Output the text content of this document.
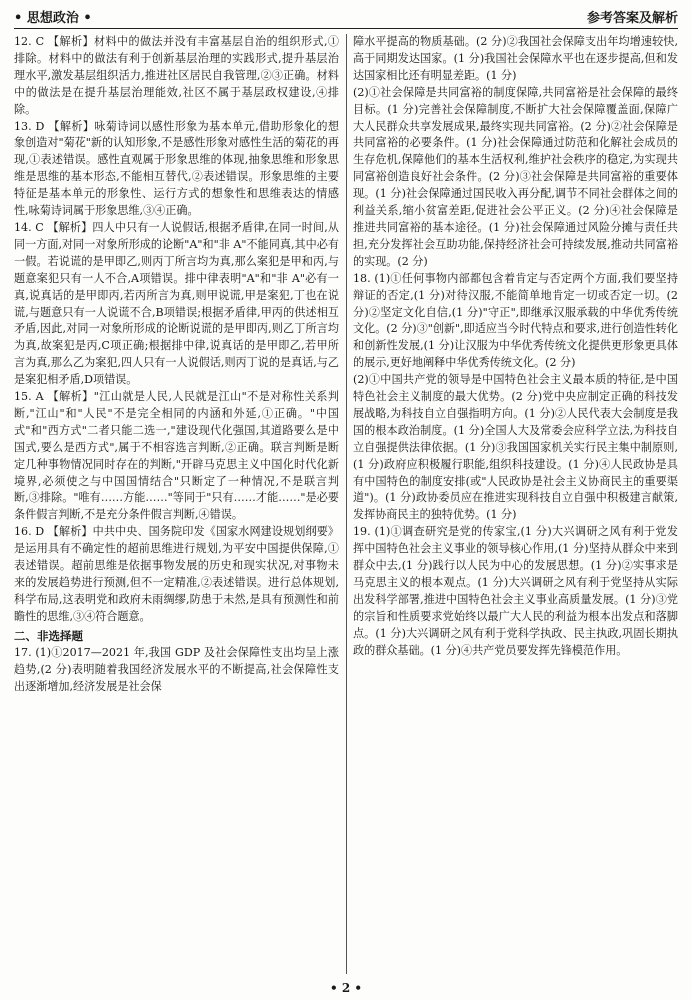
• 思想政治 •	参考答案及解析

12. C 【解析】材料中的做法并没有丰富基层自治的组织形式,①排除。材料中的做法有利于创新基层治理的实践形式,提升基层治理水平,激发基层组织活力,推进社区居民自我管理,②③正确。材料中的做法是在提升基层治理能效,社区不属于基层政权建设,④排除。

13. D 【解析】咏菊诗词以感性形象为基本单元,借助形象化的想象创造对"菊花"新的认知形象,不是感性形象对感性生活的菊花的再现,①表述错误。感性直观属于形象思维的体现,抽象思维和形象思维是思维的基本形态,不能相互替代,②表述错误。形象思维的主要特征是基本单元的形象性、运行方式的想象性和思维表达的情感性,咏菊诗词属于形象思维,③④正确。

14. C 【解析】四人中只有一人说假话,根据矛盾律,在同一时间,从同一方面,对同一对象所形成的论断"A"和"非 A"不能同真,其中必有一假。若说谎的是甲即乙,则丙丁所言均为真,那么案犯是甲和丙,与题意案犯只有一人不合,A项错误。排中律表明"A"和"非 A"必有一真,说真话的是甲即丙,若丙所言为真,则甲说谎,甲是案犯,丁也在说谎,与题意只有一人说谎不合,B项错误;根据矛盾律,甲丙的供述相互矛盾,因此,对同一对象所形成的论断说谎的是甲即丙,则乙丁所言均为真,故案犯是丙,C项正确;根据排中律,说真话的是甲即乙,若甲所言为真,那么乙为案犯,四人只有一人说假话,则丙丁说的是真话,与乙是案犯相矛盾,D项错误。

15. A 【解析】"江山就是人民,人民就是江山"不是对称性关系判断,"江山"和"人民"不是完全相同的内涵和外延,①正确。"中国式"和"西方式"二者只能二选一,"建设现代化强国,其道路要么是中国式,要么是西方式",属于不相容选言判断,②正确。联言判断是断定几种事物情况同时存在的判断,"开辟马克思主义中国化时代化新境界,必须使之与中国国情结合"只断定了一种情况,不是联言判断,③排除。"唯有……方能……"等同于"只有……才能……"是必要条件假言判断,不是充分条件假言判断,④错误。

16. D 【解析】中共中央、国务院印发《国家水网建设规划纲要》是运用具有不确定性的超前思维进行规划,为平安中国提供保障,①表述错误。超前思维是依据事物发展的历史和现实状况,对事物未来的发展趋势进行预测,但不一定精准,②表述错误。进行总体规划,科学布局,这表明党和政府未雨绸缪,防患于未然,是具有预测性和前瞻性的思维,③④符合题意。

二、非选择题

17. (1)①2017—2021 年,我国 GDP 及社会保障性支出均呈上涨趋势,(2 分)表明随着我国经济发展水平的不断提高,社会保障性支出逐渐增加,经济发展是社会保

障水平提高的物质基础。(2 分)②我国社会保障支出年均增速较快,高于同期发达国家。(1 分)我国社会保障水平也在逐步提高,但和发达国家相比还有明显差距。(1 分)

(2)①社会保障是共同富裕的制度保障,共同富裕是社会保障的最终目标。(1 分)完善社会保障制度,不断扩大社会保障覆盖面,保障广大人民群众共享发展成果,最终实现共同富裕。(2 分)②社会保障是共同富裕的必要条件。(1 分)社会保障通过防范和化解社会成员的生存危机,保障他们的基本生活权利,维护社会秩序的稳定,为实现共同富裕创造良好社会条件。(2 分)③社会保障是共同富裕的重要体现。(1 分)社会保障通过国民收入再分配,调节不同社会群体之间的利益关系,缩小贫富差距,促进社会公平正义。(2 分)④社会保障是推进共同富裕的基本途径。(1 分)社会保障通过风险分摊与责任共担,充分发挥社会互助功能,保持经济社会可持续发展,推动共同富裕的实现。(2 分)

18. (1)①任何事物内部都包含着肯定与否定两个方面,我们要坚持辩证的否定,(1 分)对待汉服,不能简单地肯定一切或否定一切。(2 分)②坚定文化自信,(1 分)"守正",即继承汉服承载的中华优秀传统文化。(2 分)③"创新",即适应当今时代特点和要求,进行创造性转化和创新性发展,(1 分)让汉服为中华优秀传统文化提供更形象更具体的展示,更好地阐释中华优秀传统文化。(2 分)

(2)①中国共产党的领导是中国特色社会主义最本质的特征,是中国特色社会主义制度的最大优势。(2 分)党中央应制定正确的科技发展战略,为科技自立自强指明方向。(1 分)②人民代表大会制度是我国的根本政治制度。(1 分)全国人大及常委会应科学立法,为科技自立自强提供法律依据。(1 分)③我国国家机关实行民主集中制原则,(1 分)政府应积极履行职能,组织科技建设。(1 分)④人民政协是具有中国特色的制度安排(或"人民政协是社会主义协商民主的重要渠道")。(1 分)政协委员应在推进实现科技自立自强中积极建言献策,发挥协商民主的独特优势。(1 分)

19. (1)①调查研究是党的传家宝,(1 分)大兴调研之风有利于党发挥中国特色社会主义事业的领导核心作用,(1 分)坚持从群众中来到群众中去,(1 分)践行以人民为中心的发展思想。(1 分)②实事求是马克思主义的根本观点。(1 分)大兴调研之风有利于党坚持从实际出发科学部署,推进中国特色社会主义事业高质量发展。(1 分)③党的宗旨和性质要求党始终以最广大人民的利益为根本出发点和落脚点。(1 分)大兴调研之风有利于党科学执政、民主执政,巩固长期执政的群众基础。(1 分)④共产党员要发挥先锋模范作用。

• 2 •
